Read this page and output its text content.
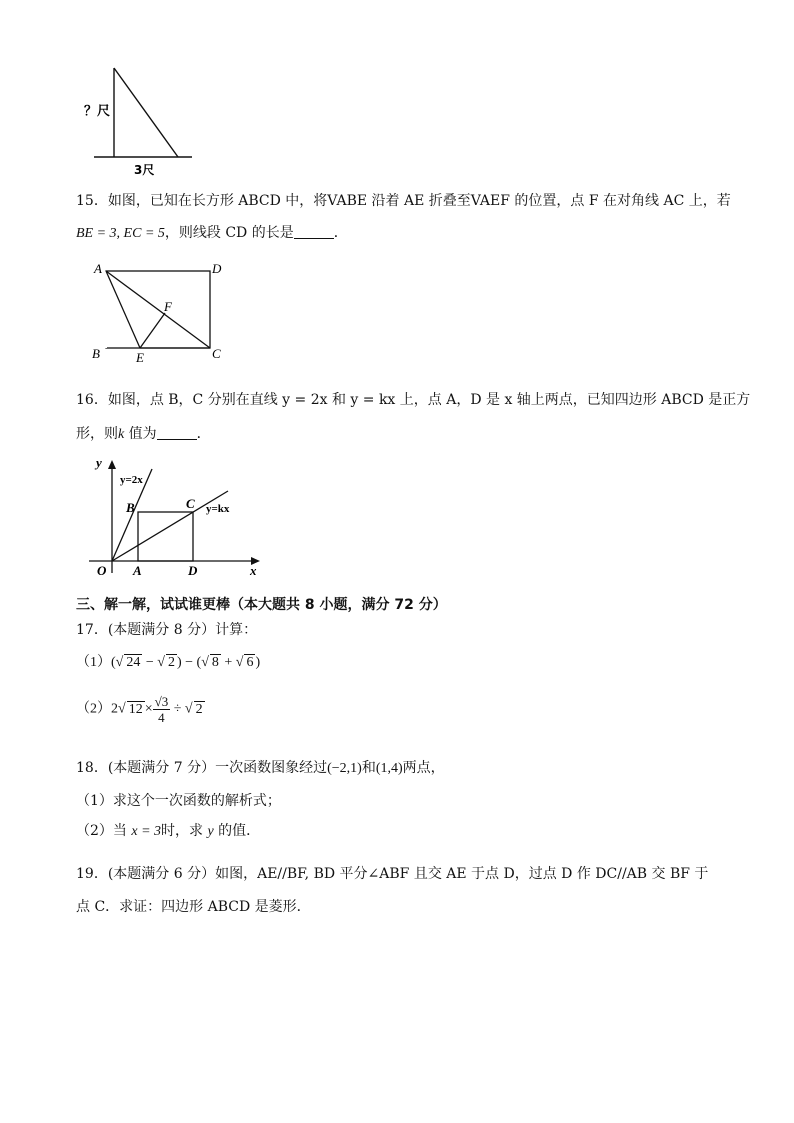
？尺
3尺
15．如图，已知在长方形 ABCD 中，将VABE 沿着 AE 折叠至VAEF 的位置，点 F 在对角线 AC 上，若
BE = 3, EC = 5，则线段 CD 的长是	．
A	D
F
B	E	C
16．如图，点 B，C 分别在直线 y = 2x 和 y = kx 上，点 A，D 是 x 轴上两点，已知四边形 ABCD 是正方
形，则k 值为	．
y
x
O A	D
B	C
y=2x
y=kx
三、解一解，试试谁更棒（本大题共 8 小题，满分 72 分）
17．(本题满分 8 分）计算：
（1）(√ 24 − √ 2 ) − (√ 8 + √ 6 )
（2）2√ $12 \times \frac{√3}{4}$ ÷ √ 2
18．(本题满分 7 分）一次函数图象经过(−2,1)和(1,4)两点，
（1）求这个一次函数的解析式；
（2）当 x = 3时，求 y 的值．
19．(本题满分 6 分）如图，AE//BF, BD 平分∠ABF 且交 AE 于点 D，过点 D 作 DC//AB 交 BF 于
点 C．求证：四边形 ABCD 是菱形．
